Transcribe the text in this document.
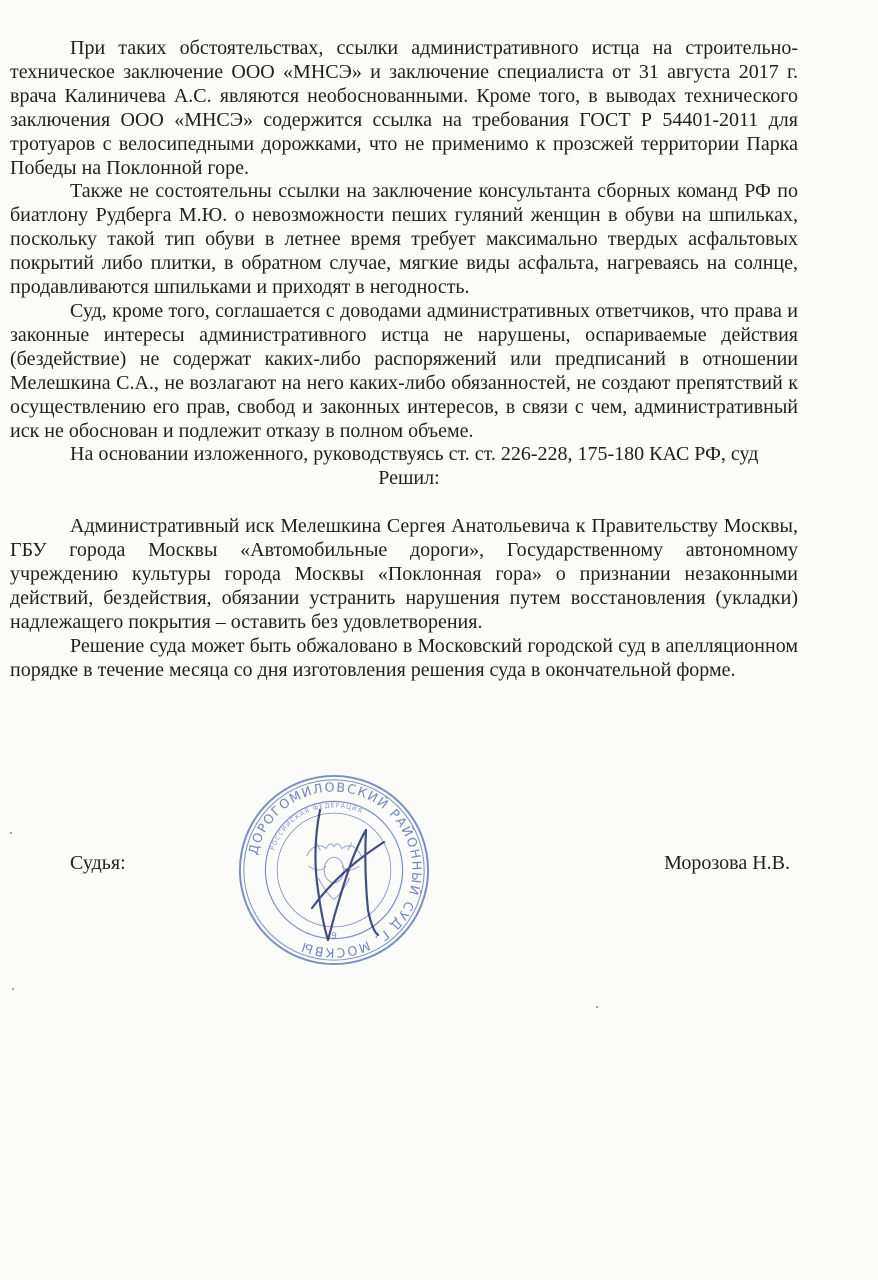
При таких обстоятельствах, ссылки административного истца на строительно-техническое заключение ООО «МНСЭ» и заключение специалиста от 31 августа 2017 г. врача Калиничева А.С. являются необоснованными. Кроме того, в выводах технического заключения ООО «МНСЭ» содержится ссылка на требования ГОСТ Р 54401-2011 для тротуаров с велосипедными дорожками, что не применимо к прозсжей территории Парка Победы на Поклонной горе.

Также не состоятельны ссылки на заключение консультанта сборных команд РФ по биатлону Рудберга М.Ю. о невозможности пеших гуляний женщин в обуви на шпильках, поскольку такой тип обуви в летнее время требует максимально твердых асфальтовых покрытий либо плитки, в обратном случае, мягкие виды асфальта, нагреваясь на солнце, продавливаются шпильками и приходят в негодность.

Суд, кроме того, соглашается с доводами административных ответчиков, что права и законные интересы административного истца не нарушены, оспариваемые действия (бездействие) не содержат каких-либо распоряжений или предписаний в отношении Мелешкина С.А., не возлагают на него каких-либо обязанностей, не создают препятствий к осуществлению его прав, свобод и законных интересов, в связи с чем, административный иск не обоснован и подлежит отказу в полном объеме.

На основании изложенного, руководствуясь ст. ст. 226-228, 175-180 КАС РФ, суд

Решил:

Административный иск Мелешкина Сергея Анатольевича к Правительству Москвы, ГБУ города Москвы «Автомобильные дороги», Государственному автономному учреждению культуры города Москвы «Поклонная гора» о признании незаконными действий, бездействия, обязании устранить нарушения путем восстановления (укладки) надлежащего покрытия – оставить без удовлетворения.

Решение суда может быть обжаловано в Московский городской суд в апелляционном порядке в течение месяца со дня изготовления решения суда в окончательной форме.

ДОРОГОМИЛОВСКИЙ РАЙОННЫЙ СУД Г. МОСКВЫ
РОССИЙСКАЯ ФЕДЕРАЦИЯ
9
Судья:	Морозова Н.В.
